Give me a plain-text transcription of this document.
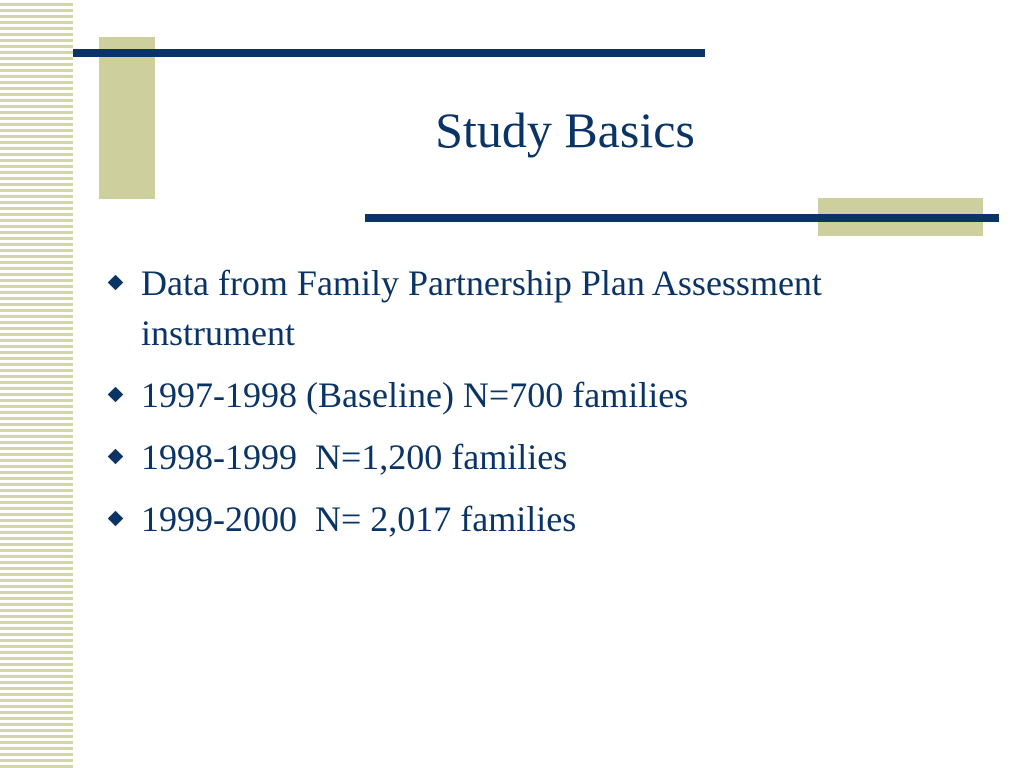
Study Basics
Data from Family Partnership Plan Assessment instrument
1997-1998 (Baseline) N=700 families
1998-1999  N=1,200 families
1999-2000  N= 2,017 families
